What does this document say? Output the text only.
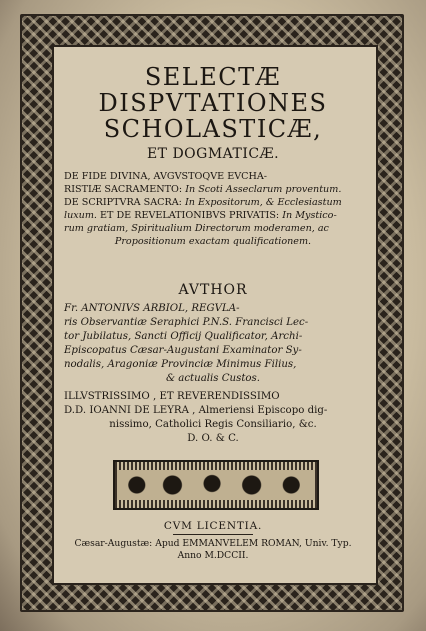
SELECTÆ
DISPVTATIONES
SCHOLASTICÆ,
ET DOGMATICÆ.
DE FIDE DIVINA, AVGVSTOQVE EVCHA-
RISTIÆ SACRAMENTO: In Scoti Asseclarum proventum.
DE SCRIPTVRA SACRA: In Expositorum, & Ecclesiastum
luxum. ET DE REVELATIONIBVS PRIVATIS: In Mystico-
rum gratiam, Spiritualium Directorum moderamen, ac
Propositionum exactam qualificationem.
AVTHOR
Fr. ANTONIVS ARBIOL, REGVLA-
ris Observantiæ Seraphici P.N.S. Francisci Lec-
tor Jubilatus, Sancti Officij Qualificator, Archi-
Episcopatus Cæsar-Augustani Examinator Sy-
nodalis, Aragoniæ Provinciæ Minimus Filius,
& actualis Custos.
ILLVSTRISSIMO , ET REVERENDISSIMO
D.D. IOANNI DE LEYRA , Almeriensi Episcopo dig-
nissimo, Catholici Regis Consiliario, &c.
D. O. & C.
CVM LICENTIA.
Cæsar-Augustæ: Apud EMMANVELEM ROMAN, Univ. Typ.
Anno M.DCCII.
